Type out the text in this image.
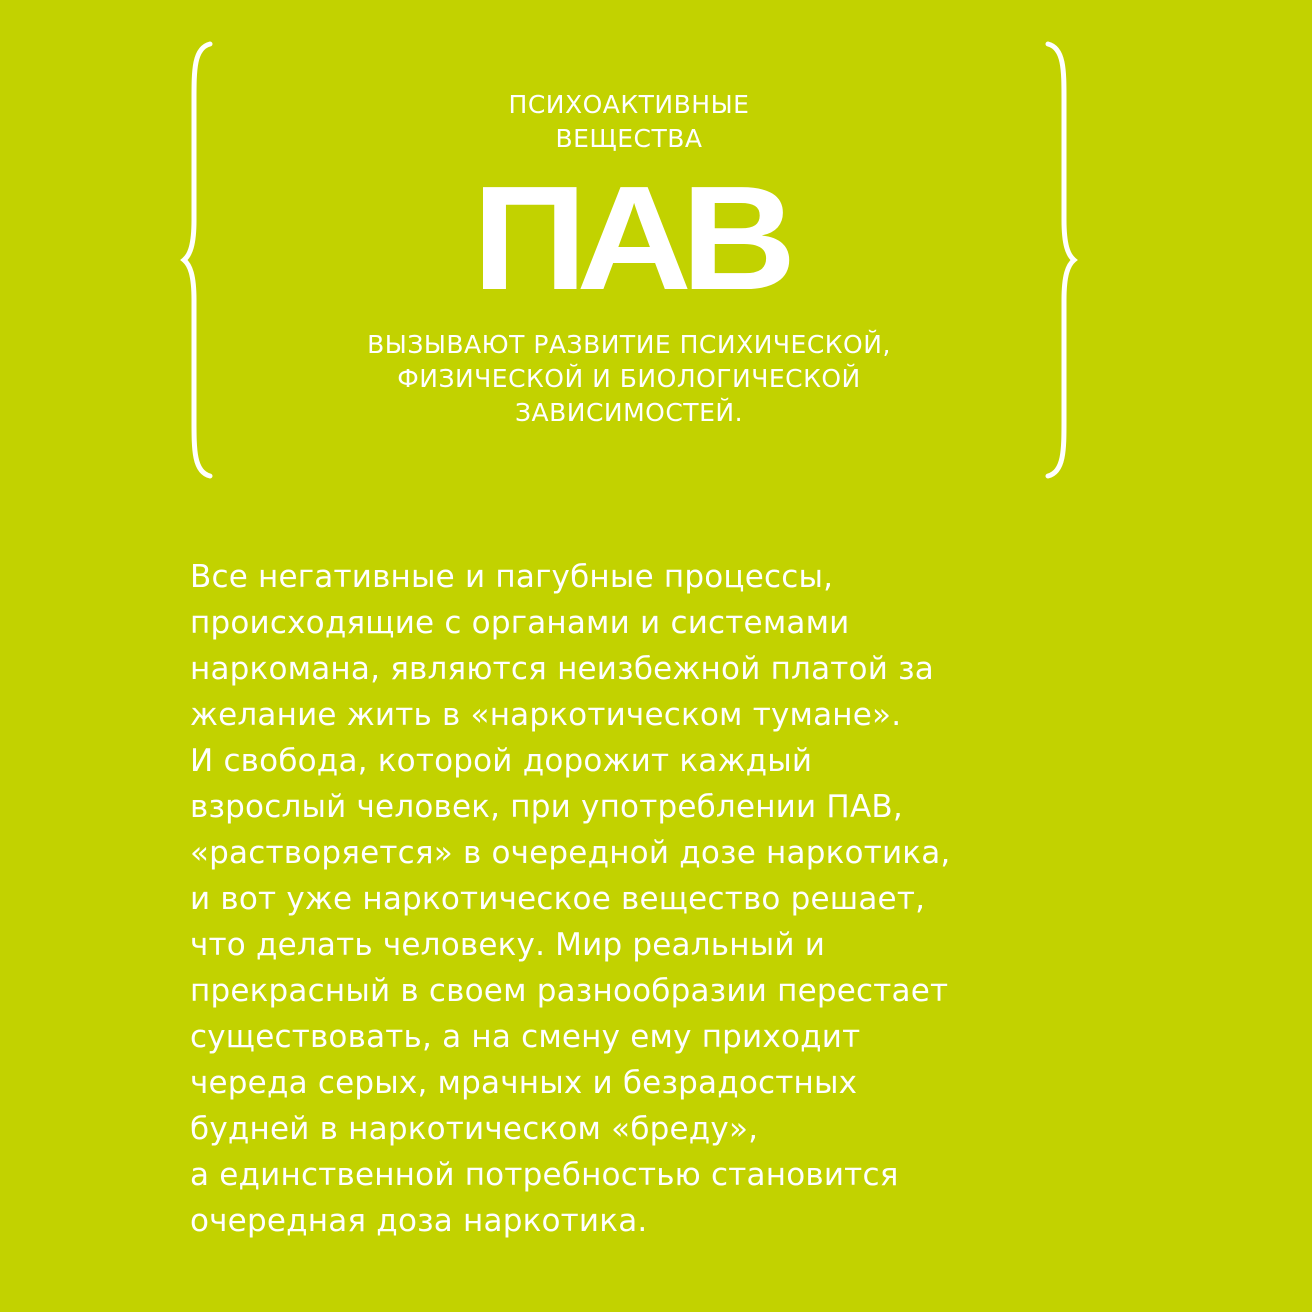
ПСИХОАКТИВНЫЕ
ВЕЩЕСТВА
ПАВ
ВЫЗЫВАЮТ РАЗВИТИЕ ПСИХИЧЕСКОЙ,
ФИЗИЧЕСКОЙ И БИОЛОГИЧЕСКОЙ
ЗАВИСИМОСТЕЙ.
Все негативные и пагубные процессы,
происходящие с органами и системами
наркомана, являются неизбежной платой за
желание жить в «наркотическом тумане».
И свобода, которой дорожит каждый
взрослый человек, при употреблении ПАВ,
«растворяется» в очередной дозе наркотика,
и вот уже наркотическое вещество решает,
что делать человеку. Мир реальный и
прекрасный в своем разнообразии перестает
существовать, а на смену ему приходит
череда серых, мрачных и безрадостных
будней в наркотическом «бреду»,
а единственной потребностью становится
очередная доза наркотика.
